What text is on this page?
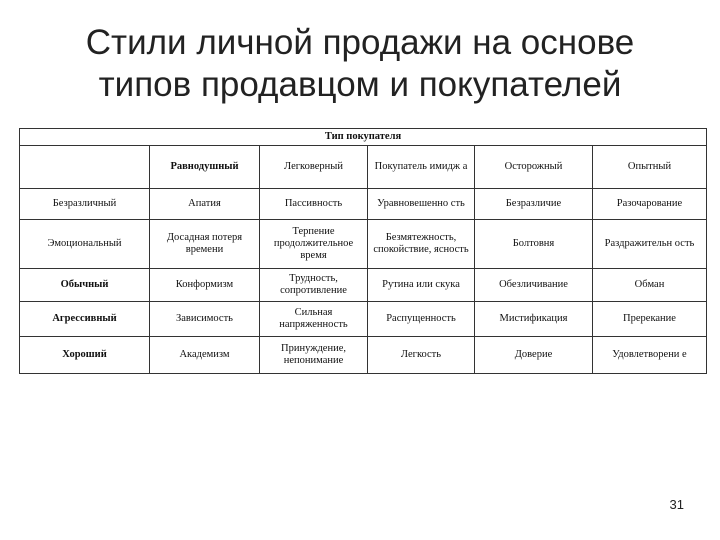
Стили личной продажи на основе
типов продавцом и покупателей
Тип покупателя					
	Равнодушный	Легковерный	Покупатель имидж а	Осторожный	Опытный
Безразличный	Апатия	Пассивность	Уравновешенно сть	Безразличие	Разочарование
Эмоциональный	Досадная потеря времени	Терпение продолжительное время	Безмятежность, спокойствие, ясность	Болтовня	Раздражительн ость
Обычный	Конформизм	Трудность, сопротивление	Рутина или скука	Обезличивание	Обман
Агрессивный	Зависимость	Сильная напряженность	Распущенность	Мистификация	Пререкание
Хороший	Академизм	Принуждение, непонимание	Легкость	Доверие	Удовлетворени е
31
